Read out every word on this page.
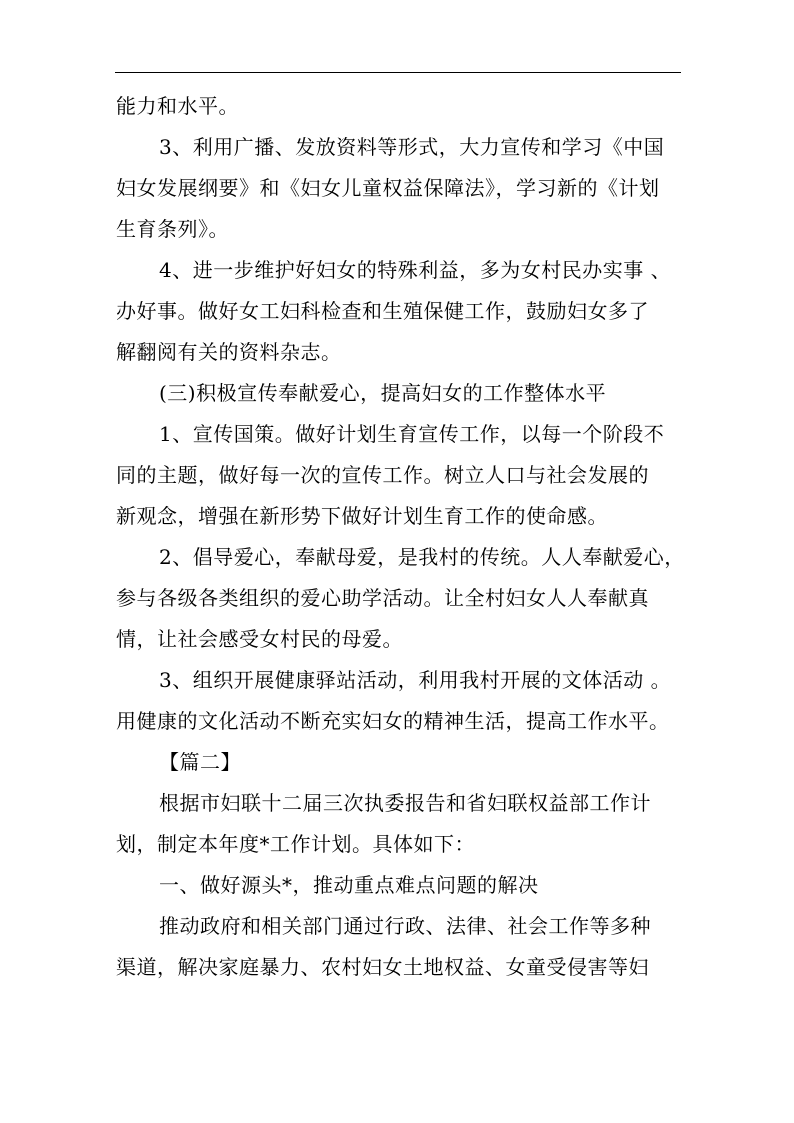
能力和水平。
3、利用广播、发放资料等形式，大力宣传和学习《中国
妇女发展纲要》和《妇女儿童权益保障法》，学习新的《计划
生育条列》。
4、进一步维护好妇女的特殊利益，多为女村民办实事 、
办好事。做好女工妇科检查和生殖保健工作，鼓励妇女多了
解翻阅有关的资料杂志。
(三)积极宣传奉献爱心，提高妇女的工作整体水平
1、宣传国策。做好计划生育宣传工作，以每一个阶段不
同的主题，做好每一次的宣传工作。树立人口与社会发展的
新观念，增强在新形势下做好计划生育工作的使命感。
2、倡导爱心，奉献母爱，是我村的传统。人人奉献爱心，
参与各级各类组织的爱心助学活动。让全村妇女人人奉献真
情，让社会感受女村民的母爱。
3、组织开展健康驿站活动，利用我村开展的文体活动 。
用健康的文化活动不断充实妇女的精神生活，提高工作水平。
【篇二】
根据市妇联十二届三次执委报告和省妇联权益部工作计
划，制定本年度*工作计划。具体如下：
一、做好源头*，推动重点难点问题的解决
推动政府和相关部门通过行政、法律、社会工作等多种
渠道，解决家庭暴力、农村妇女土地权益、女童受侵害等妇
